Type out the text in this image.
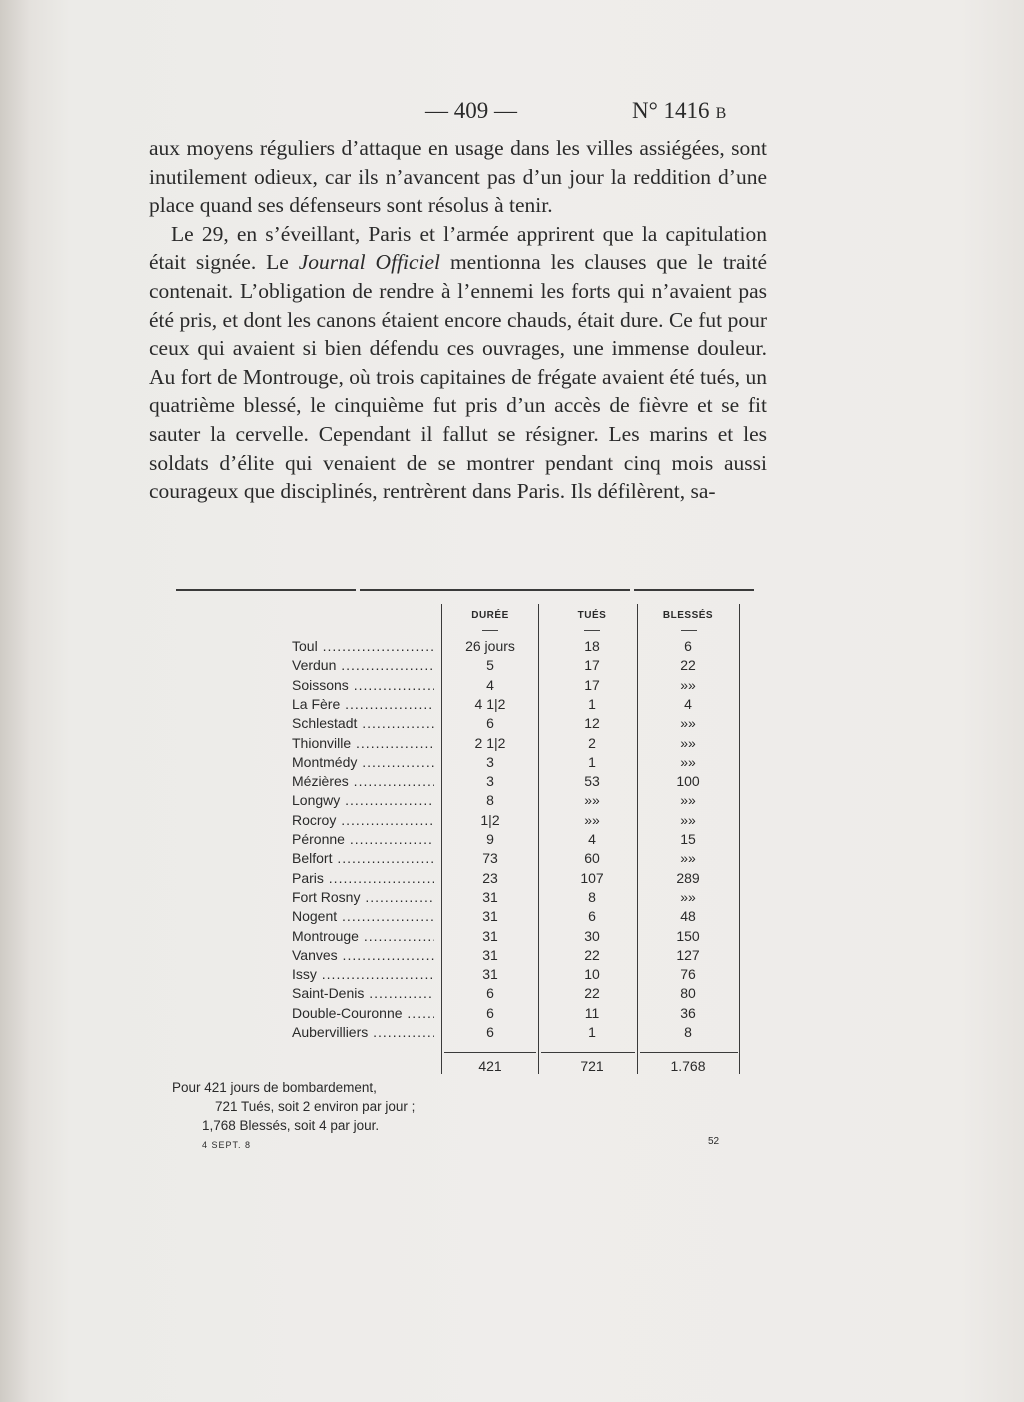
— 409 —	N° 1416 B

aux moyens réguliers d’attaque en usage dans les villes assiégées, sont inutilement odieux, car ils n’avancent pas d’un jour la reddition d’une place quand ses défenseurs sont résolus à tenir.

Le 29, en s’éveillant, Paris et l’armée apprirent que la capitulation était signée. Le Journal Officiel mentionna les clauses que le traité contenait. L’obligation de rendre à l’ennemi les forts qui n’avaient pas été pris, et dont les canons étaient encore chauds, était dure. Ce fut pour ceux qui avaient si bien défendu ces ouvrages, une immense douleur. Au fort de Montrouge, où trois capitaines de frégate avaient été tués, un quatrième blessé, le cinquième fut pris d’un accès de fièvre et se fit sauter la cervelle. Cependant il fallut se résigner. Les marins et les soldats d’élite qui venaient de se montrer pendant cinq mois aussi courageux que disciplinés, rentrèrent dans Paris. Ils défilèrent, sa-

DURÉE	TUÉS	BLESSÉS
Toul .....	26 jours	18	6
Verdun .....	5	17	22
Soissons .....	4	17	»»
La Fère .....	4 1|2	1	4
Schlestadt .....	6	12	»»
Thionville .....	2 1|2	2	»»
Montmédy .....	3	1	»»
Mézières .....	3	53	100
Longwy .....	8	»»	»»
Rocroy .....	1|2	»»	»»
Péronne .....	9	4	15
Belfort .....	73	60	»»
Paris .....	23	107	289
Fort Rosny .....	31	8	»»
Nogent .....	31	6	48
Montrouge .....	31	30	150
Vanves .....	31	22	127
Issy .....	31	10	76
Saint-Denis .....	6	22	80
Double-Couronne .....	6	11	36
Aubervilliers .....	6	1	8
421	721	1.768
Pour 421 jours de bombardement,
721 Tués, soit 2 environ par jour ;
1,768 Blessés, soit 4 par jour.
4 SEPT. 8	52
